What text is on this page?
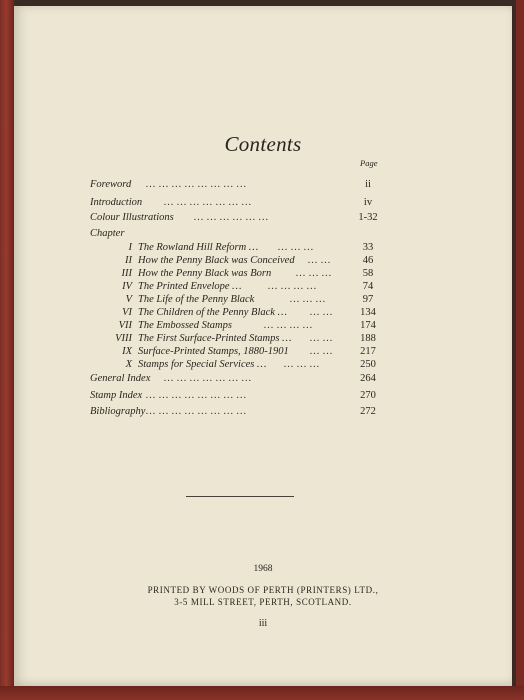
Contents
Page
Foreword … … … … … … … …	ii
Introduction … … … … … … …	iv
Colour Illustrations … … … … … …	1-32
Chapter
I The Rowland Hill Reform … … … …	33
II How the Penny Black was Conceived … …	46
III How the Penny Black was Born … … …	58
IV The Printed Envelope …	… … … …	74
V The Life of the Penny Black	… … …	97
VI The Children of the Penny Black … … …	134
VII The Embossed Stamps	… … … …	174
VIII The First Surface-Printed Stamps … … …	188
IX Surface-Printed Stamps, 1880-1901 … …	217
X Stamps for Special Services … … … …	250
General Index … … … … … … …	264
Stamp Index … … … … … … … …	270
Bibliography … … … … … … … …	272
1968
PRINTED BY WOODS OF PERTH (PRINTERS) LTD.,
3-5 MILL STREET, PERTH, SCOTLAND.
iii
